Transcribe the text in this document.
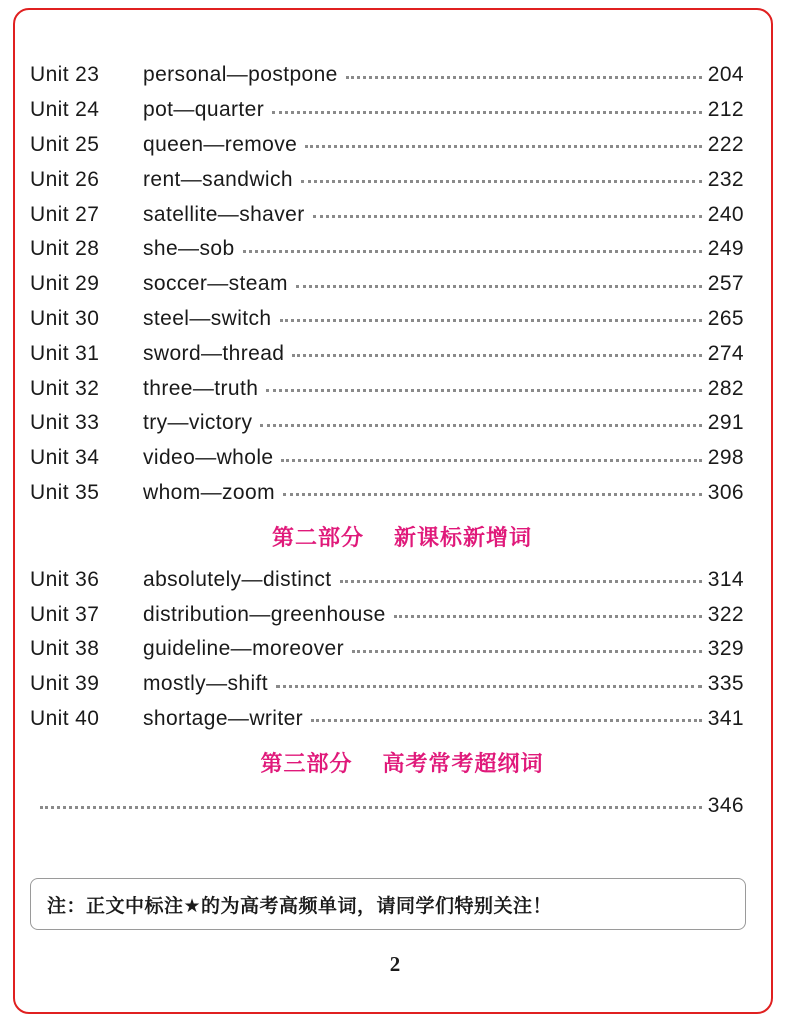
Unit 23	personal—postpone	204
Unit 24	pot—quarter	212
Unit 25	queen—remove	222
Unit 26	rent—sandwich	232
Unit 27	satellite—shaver	240
Unit 28	she—sob	249
Unit 29	soccer—steam	257
Unit 30	steel—switch	265
Unit 31	sword—thread	274
Unit 32	three—truth	282
Unit 33	try—victory	291
Unit 34	video—whole	298
Unit 35	whom—zoom	306
第二部分 新课标新增词
Unit 36	absolutely—distinct	314
Unit 37	distribution—greenhouse	322
Unit 38	guideline—moreover	329
Unit 39	mostly—shift	335
Unit 40	shortage—writer	341
第三部分 高考常考超纲词
346
注：正文中标注★的为高考高频单词，请同学们特别关注！
2
